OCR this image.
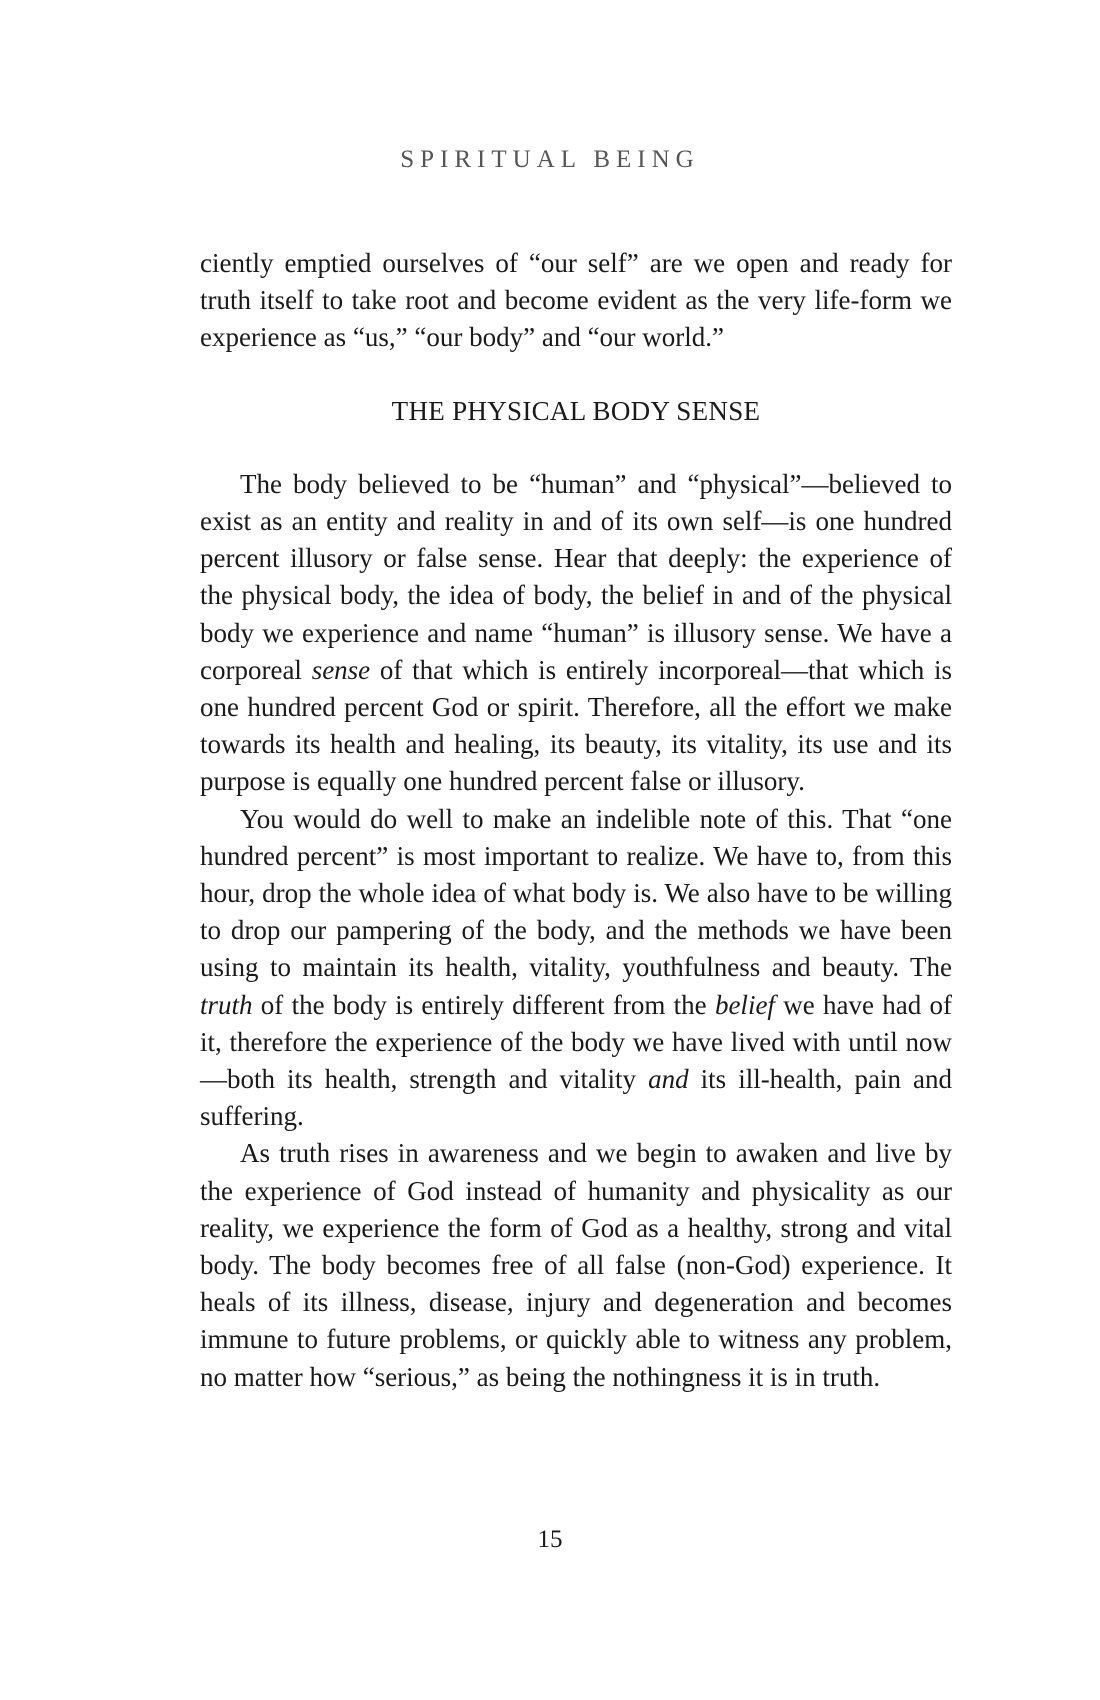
SPIRITUAL BEING

ciently emptied ourselves of “our self” are we open and ready for truth itself to take root and become evident as the very life-form we experience as “us,” “our body” and “our world.”

THE PHYSICAL BODY SENSE

The body believed to be “human” and “physical”—believed to exist as an entity and reality in and of its own self—is one hundred percent illusory or false sense. Hear that deeply: the experience of the physical body, the idea of body, the belief in and of the physical body we experience and name “human” is illusory sense. We have a corporeal sense of that which is entirely incorporeal—that which is one hundred percent God or spirit. Therefore, all the effort we make towards its health and healing, its beauty, its vitality, its use and its purpose is equally one hundred percent false or illusory.

You would do well to make an indelible note of this. That “one hundred percent” is most important to realize. We have to, from this hour, drop the whole idea of what body is. We also have to be willing to drop our pampering of the body, and the methods we have been using to maintain its health, vitality, youthfulness and beauty. The truth of the body is entirely different from the belief we have had of it, therefore the experience of the body we have lived with until now—both its health, strength and vitality and its ill-health, pain and suffering.

As truth rises in awareness and we begin to awaken and live by the experience of God instead of humanity and physicality as our reality, we experience the form of God as a healthy, strong and vital body. The body becomes free of all false (non-God) experience. It heals of its illness, disease, injury and degeneration and becomes immune to future problems, or quickly able to witness any problem, no matter how “serious,” as being the nothingness it is in truth.

15
